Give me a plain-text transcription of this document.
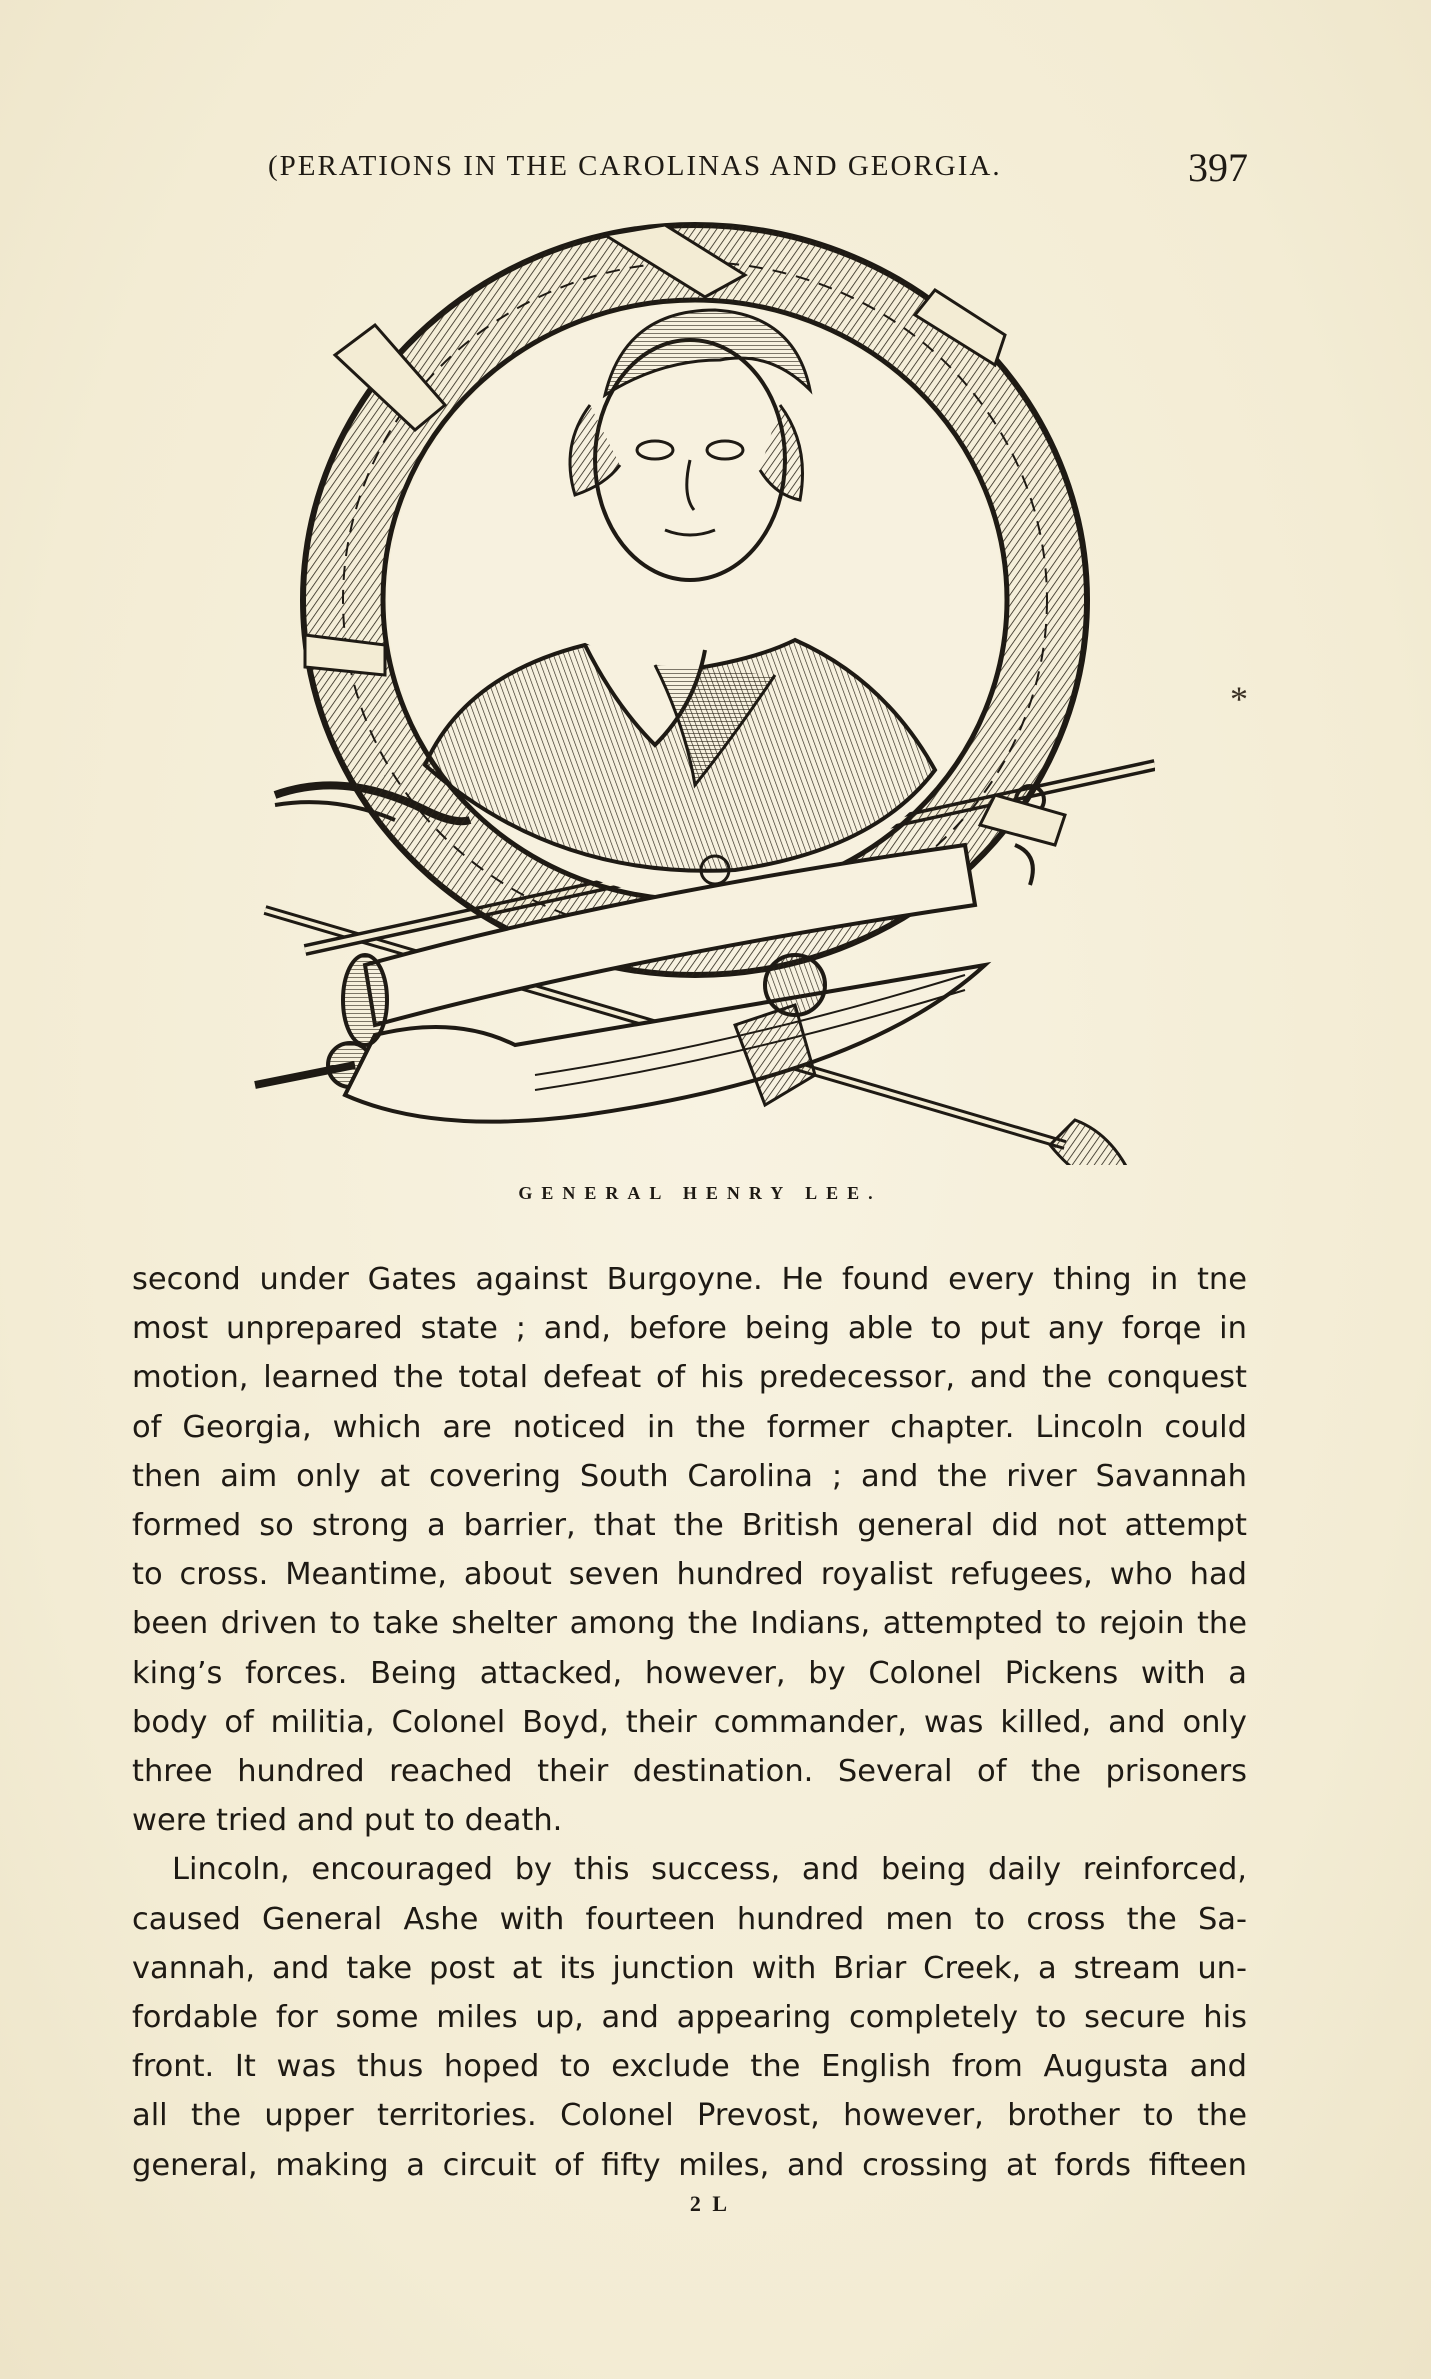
(PERATIONS IN THE CAROLINAS AND GEORGIA.	397
GENERAL HENRY LEE.
*

second under Gates against Burgoyne. He found every thing in tne

most unprepared state ; and, before being able to put any forqe in

motion, learned the total defeat of his predecessor, and the conquest

of Georgia, which are noticed in the former chapter. Lincoln could

then aim only at covering South Carolina ; and the river Savannah

formed so strong a barrier, that the British general did not attempt

to cross. Meantime, about seven hundred royalist refugees, who had

been driven to take shelter among the Indians, attempted to rejoin the

king’s forces. Being attacked, however, by Colonel Pickens with a

body of militia, Colonel Boyd, their commander, was killed, and only

three hundred reached their destination. Several of the prisoners

were tried and put to death.

Lincoln, encouraged by this success, and being daily reinforced,

caused General Ashe with fourteen hundred men to cross the Sa-

vannah, and take post at its junction with Briar Creek, a stream un-

fordable for some miles up, and appearing completely to secure his

front. It was thus hoped to exclude the English from Augusta and

all the upper territories. Colonel Prevost, however, brother to the

general, making a circuit of fifty miles, and crossing at fords fifteen

2 L
